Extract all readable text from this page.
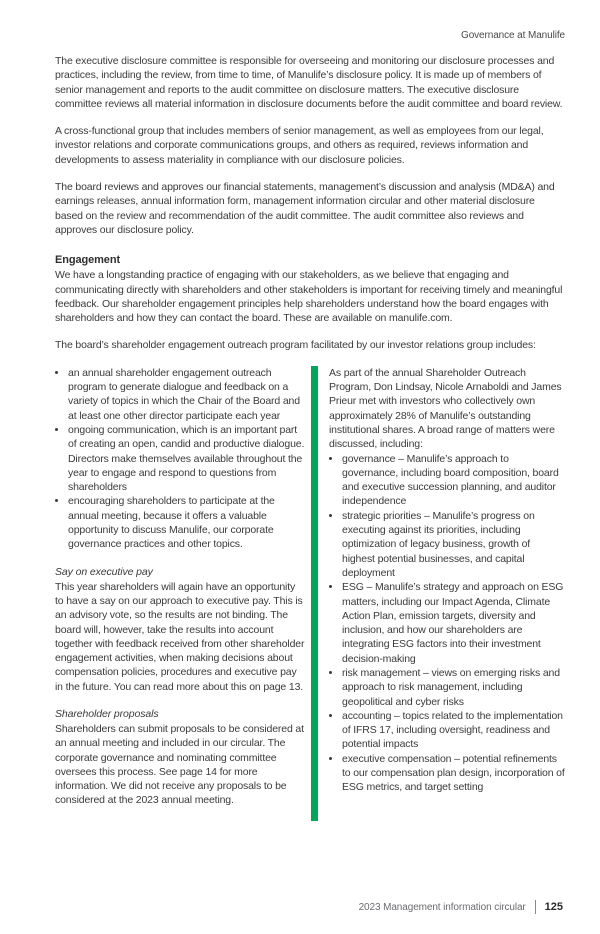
Governance at Manulife

The executive disclosure committee is responsible for overseeing and monitoring our disclosure processes and practices, including the review, from time to time, of Manulife’s disclosure policy. It is made up of members of senior management and reports to the audit committee on disclosure matters. The executive disclosure committee reviews all material information in disclosure documents before the audit committee and board review.

A cross-functional group that includes members of senior management, as well as employees from our legal, investor relations and corporate communications groups, and others as required, reviews information and developments to assess materiality in compliance with our disclosure policies.

The board reviews and approves our financial statements, management’s discussion and analysis (MD&A) and earnings releases, annual information form, management information circular and other material disclosure based on the review and recommendation of the audit committee. The audit committee also reviews and approves our disclosure policy.

Engagement

We have a longstanding practice of engaging with our stakeholders, as we believe that engaging and communicating directly with shareholders and other stakeholders is important for receiving timely and meaningful feedback. Our shareholder engagement principles help shareholders understand how the board engages with shareholders and how they can contact the board. These are available on manulife.com.

The board’s shareholder engagement outreach program facilitated by our investor relations group includes:

• an annual shareholder engagement outreach program to generate dialogue and feedback on a variety of topics in which the Chair of the Board and at least one other director participate each year
• ongoing communication, which is an important part of creating an open, candid and productive dialogue. Directors make themselves available throughout the year to engage and respond to questions from shareholders
• encouraging shareholders to participate at the annual meeting, because it offers a valuable opportunity to discuss Manulife, our corporate governance practices and other topics.
Say on executive pay

This year shareholders will again have an opportunity to have a say on our approach to executive pay. This is an advisory vote, so the results are not binding. The board will, however, take the results into account together with feedback received from other shareholder engagement activities, when making decisions about compensation policies, procedures and executive pay in the future. You can read more about this on page 13.

Shareholder proposals

Shareholders can submit proposals to be considered at an annual meeting and included in our circular. The corporate governance and nominating committee oversees this process. See page 14 for more information. We did not receive any proposals to be considered at the 2023 annual meeting.

As part of the annual Shareholder Outreach Program, Don Lindsay, Nicole Arnaboldi and James Prieur met with investors who collectively own approximately 28% of Manulife’s outstanding institutional shares. A broad range of matters were discussed, including:

• governance – Manulife’s approach to governance, including board composition, board and executive succession planning, and auditor independence
• strategic priorities – Manulife’s progress on executing against its priorities, including optimization of legacy business, growth of highest potential businesses, and capital deployment
• ESG – Manulife’s strategy and approach on ESG matters, including our Impact Agenda, Climate Action Plan, emission targets, diversity and inclusion, and how our shareholders are integrating ESG factors into their investment decision-making
• risk management – views on emerging risks and approach to risk management, including geopolitical and cyber risks
• accounting – topics related to the implementation of IFRS 17, including oversight, readiness and potential impacts
• executive compensation – potential refinements to our compensation plan design, incorporation of ESG metrics, and target setting
2023 Management information circular 125
